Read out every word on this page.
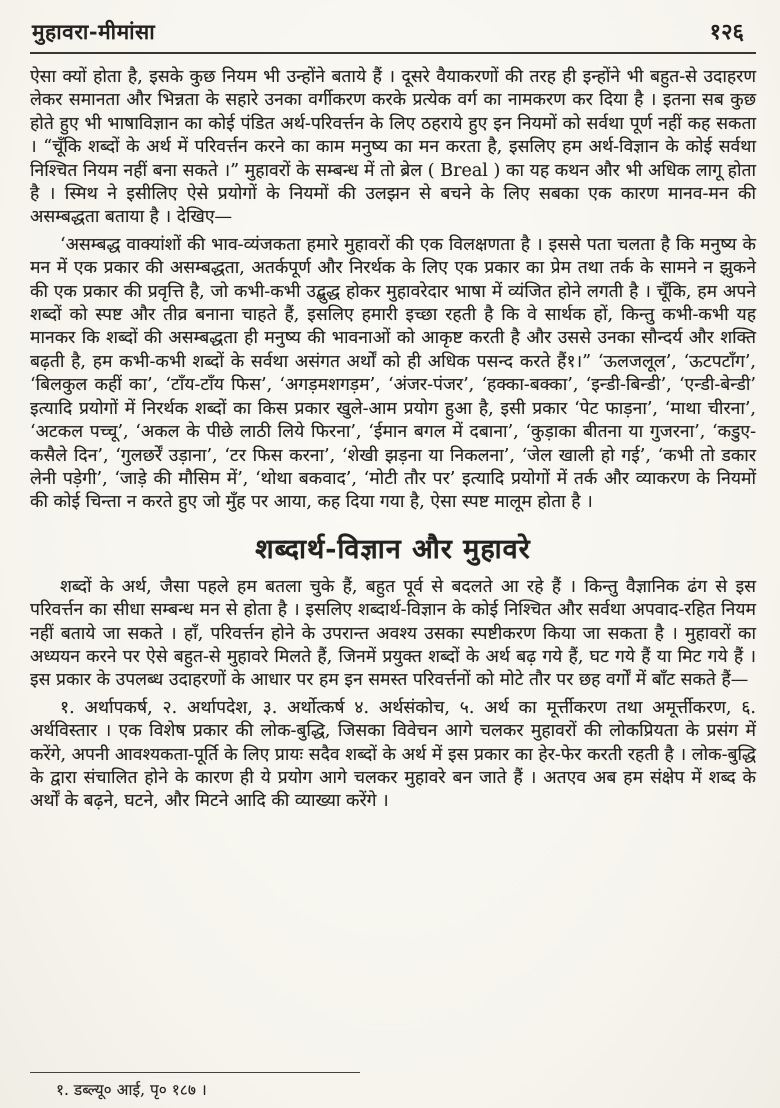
मुहावरा-मीमांसा	१२६

ऐसा क्यों होता है, इसके कुछ नियम भी उन्होंने बताये हैं । दूसरे वैयाकरणों की तरह ही इन्होंने भी बहुत-से उदाहरण लेकर समानता और भिन्नता के सहारे उनका वर्गीकरण करके प्रत्येक वर्ग का नामकरण कर दिया है । इतना सब कुछ होते हुए भी भाषाविज्ञान का कोई पंडित अर्थ-परिवर्त्तन के लिए ठहराये हुए इन नियमों को सर्वथा पूर्ण नहीं कह सकता । “चूँकि शब्दों के अर्थ में परिवर्त्तन करने का काम मनुष्य का मन करता है, इसलिए हम अर्थ-विज्ञान के कोई सर्वथा निश्चित नियम नहीं बना सकते ।” मुहावरों के सम्बन्ध में तो ब्रेल ( Breal ) का यह कथन और भी अधिक लागू होता है । स्मिथ ने इसीलिए ऐसे प्रयोगों के नियमों की उलझन से बचने के लिए सबका एक कारण मानव-मन की असम्बद्धता बताया है । देखिए—

‘असम्बद्ध वाक्यांशों की भाव-व्यंजकता हमारे मुहावरों की एक विलक्षणता है । इससे पता चलता है कि मनुष्य के मन में एक प्रकार की असम्बद्धता, अतर्कपूर्ण और निरर्थक के लिए एक प्रकार का प्रेम तथा तर्क के सामने न झुकने की एक प्रकार की प्रवृत्ति है, जो कभी-कभी उद्बुद्ध होकर मुहावरेदार भाषा में व्यंजित होने लगती है । चूँकि, हम अपने शब्दों को स्पष्ट और तीव्र बनाना चाहते हैं, इसलिए हमारी इच्छा रहती है कि वे सार्थक हों, किन्तु कभी-कभी यह मानकर कि शब्दों की असम्बद्धता ही मनुष्य की भावनाओं को आकृष्ट करती है और उससे उनका सौन्दर्य और शक्ति बढ़ती है, हम कभी-कभी शब्दों के सर्वथा असंगत अर्थों को ही अधिक पसन्द करते हैं१।” ‘ऊलजलूल’, ‘ऊटपटाँग’, ‘बिलकुल कहीं का’, ‘टाँय-टाँय फिस’, ‘अगड़मशगड़म’, ‘अंजर-पंजर’, ‘हक्का-बक्का’, ‘इन्डी-बिन्डी’, ‘एन्डी-बेन्डी’ इत्यादि प्रयोगों में निरर्थक शब्दों का किस प्रकार खुले-आम प्रयोग हुआ है, इसी प्रकार ‘पेट फाड़ना’, ‘माथा चीरना’, ‘अटकल पच्चू’, ‘अकल के पीछे लाठी लिये फिरना’, ‘ईमान बगल में दबाना’, ‘कुड़ाका बीतना या गुजरना’, ‘कडुए-कसैले दिन’, ‘गुलछर्रें उड़ाना’, ‘टर फिस करना’, ‘शेखी झड़ना या निकलना’, ‘जेल खाली हो गई’, ‘कभी तो डकार लेनी पड़ेगी’, ‘जाड़े की मौसिम में’, ‘थोथा बकवाद’, ‘मोटी तौर पर’ इत्यादि प्रयोगों में तर्क और व्याकरण के नियमों की कोई चिन्ता न करते हुए जो मुँह पर आया, कह दिया गया है, ऐसा स्पष्ट मालूम होता है ।

शब्दार्थ-विज्ञान और मुहावरे

शब्दों के अर्थ, जैसा पहले हम बतला चुके हैं, बहुत पूर्व से बदलते आ रहे हैं । किन्तु वैज्ञानिक ढंग से इस परिवर्त्तन का सीधा सम्बन्ध मन से होता है । इसलिए शब्दार्थ-विज्ञान के कोई निश्चित और सर्वथा अपवाद-रहित नियम नहीं बताये जा सकते । हाँ, परिवर्त्तन होने के उपरान्त अवश्य उसका स्पष्टीकरण किया जा सकता है । मुहावरों का अध्ययन करने पर ऐसे बहुत-से मुहावरे मिलते हैं, जिनमें प्रयुक्त शब्दों के अर्थ बढ़ गये हैं, घट गये हैं या मिट गये हैं । इस प्रकार के उपलब्ध उदाहरणों के आधार पर हम इन समस्त परिवर्त्तनों को मोटे तौर पर छह वर्गों में बाँट सकते हैं—

१. अर्थापकर्ष, २. अर्थापदेश, ३. अर्थोत्कर्ष ४. अर्थसंकोच, ५. अर्थ का मूर्त्तीकरण तथा अमूर्त्तीकरण, ६. अर्थविस्तार । एक विशेष प्रकार की लोक-बुद्धि, जिसका विवेचन आगे चलकर मुहावरों की लोकप्रियता के प्रसंग में करेंगे, अपनी आवश्यकता-पूर्ति के लिए प्रायः सदैव शब्दों के अर्थ में इस प्रकार का हेर-फेर करती रहती है । लोक-बुद्धि के द्वारा संचालित होने के कारण ही ये प्रयोग आगे चलकर मुहावरे बन जाते हैं । अतएव अब हम संक्षेप में शब्द के अर्थों के बढ़ने, घटने, और मिटने आदि की व्याख्या करेंगे ।

१. डब्ल्यू० आई, पृ० १८७ ।
